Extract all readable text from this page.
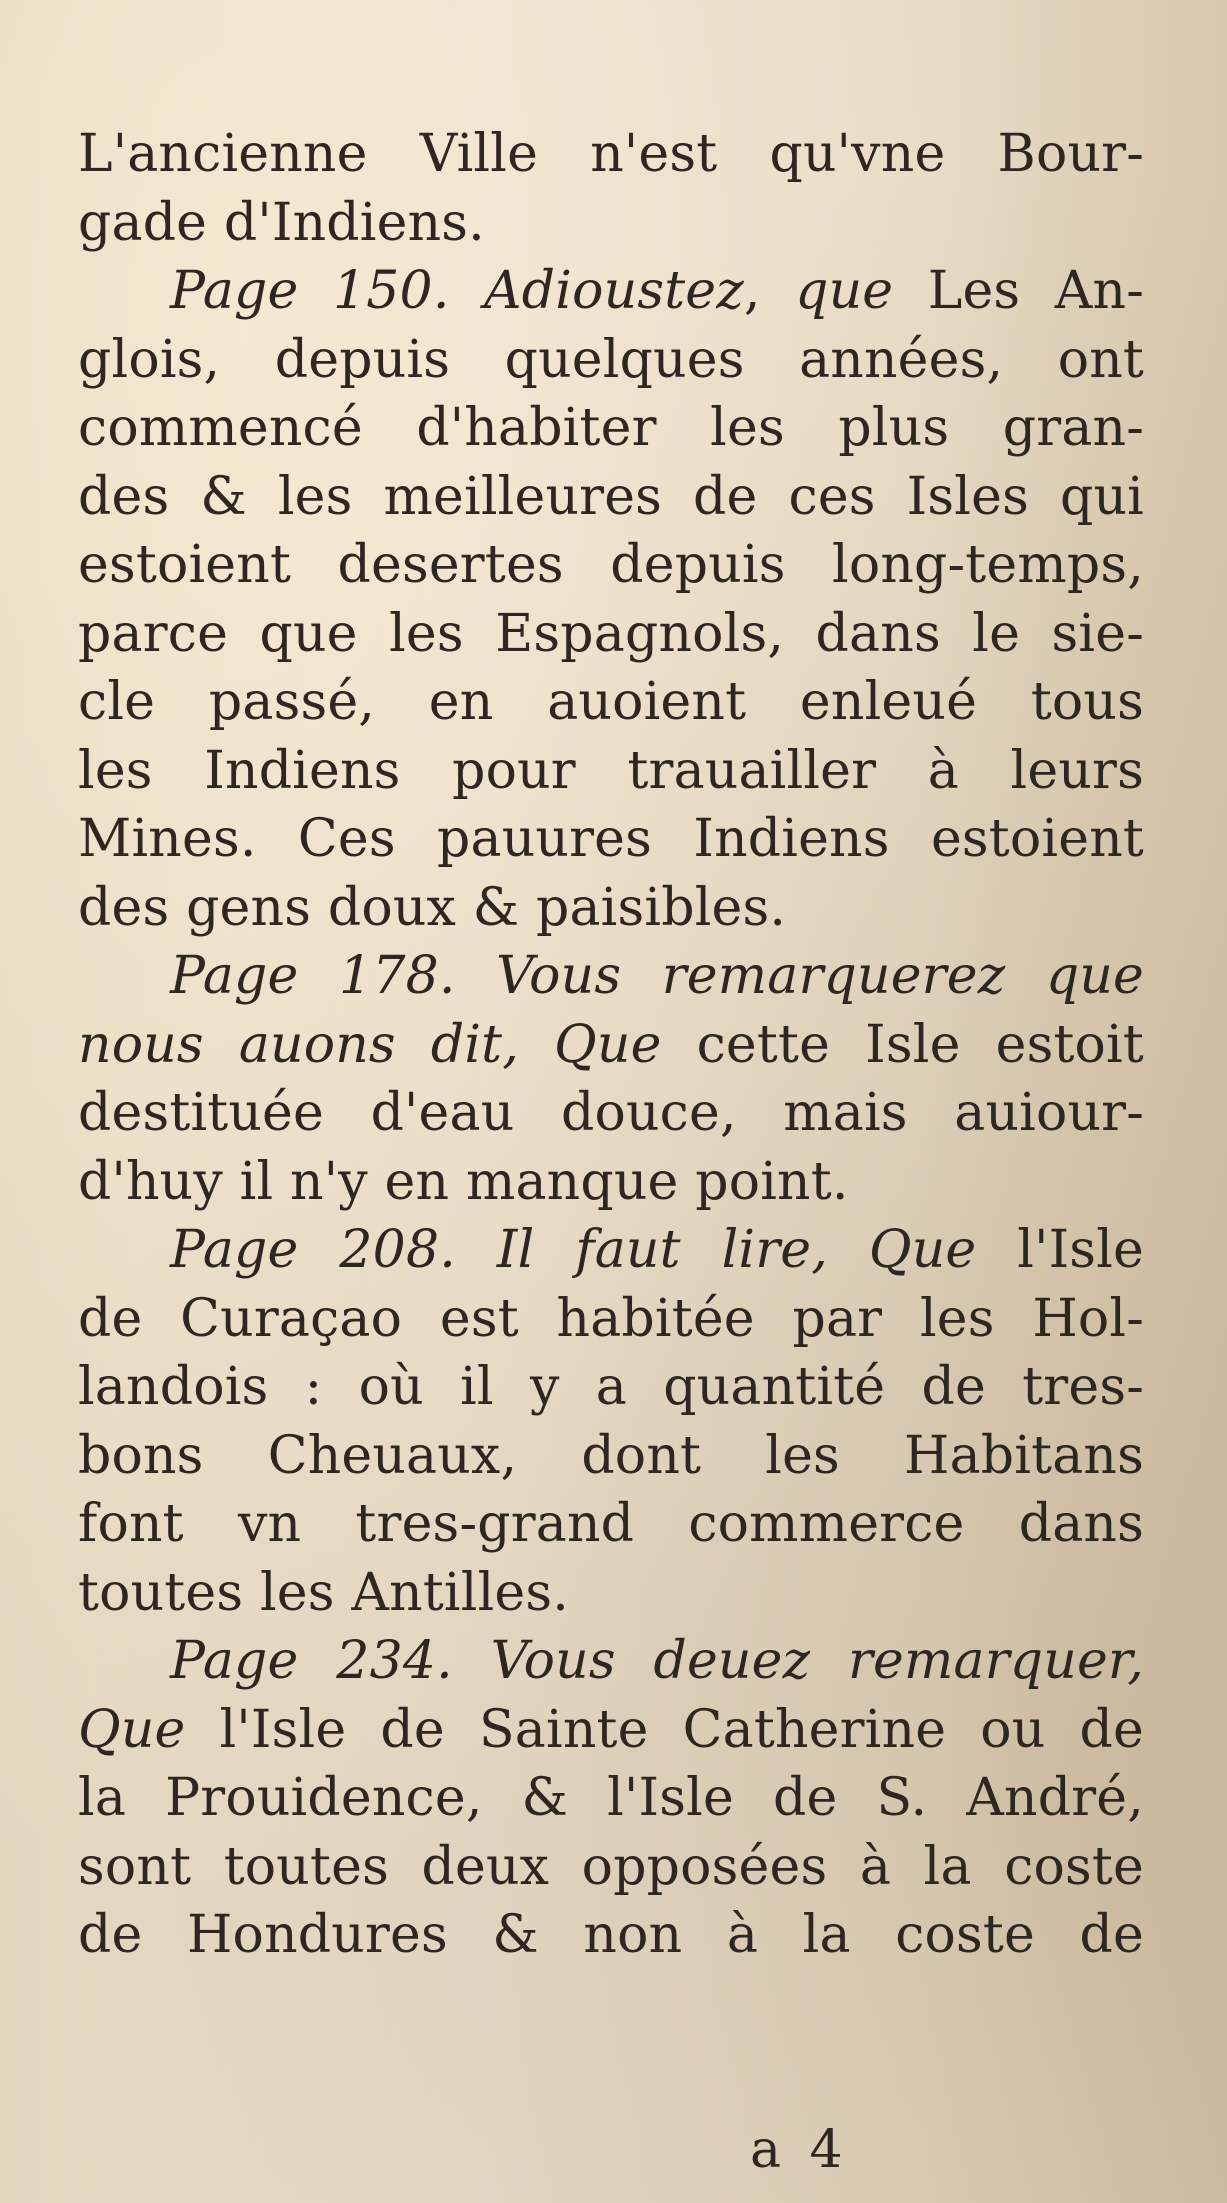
L'ancienne Ville n'est qu'vne Bour-
gade d'Indiens.
Page 150. Adioustez, que Les An-
glois, depuis quelques années, ont
commencé d'habiter les plus gran-
des & les meilleures de ces Isles qui
estoient desertes depuis long-temps,
parce que les Espagnols, dans le sie-
cle passé, en auoient enleué tous
les Indiens pour trauailler à leurs
Mines. Ces pauures Indiens estoient
des gens doux & paisibles.
Page 178. Vous remarquerez que
nous auons dit, Que cette Isle estoit
destituée d'eau douce, mais auiour-
d'huy il n'y en manque point.
Page 208. Il faut lire, Que l'Isle
de Curaçao est habitée par les Hol-
landois : où il y a quantité de tres-
bons Cheuaux, dont les Habitans
font vn tres-grand commerce dans
toutes les Antilles.
Page 234. Vous deuez remarquer,
Que l'Isle de Sainte Catherine ou de
la Prouidence, & l'Isle de S. André,
sont toutes deux opposées à la coste
de Hondures & non à la coste de
a 4
